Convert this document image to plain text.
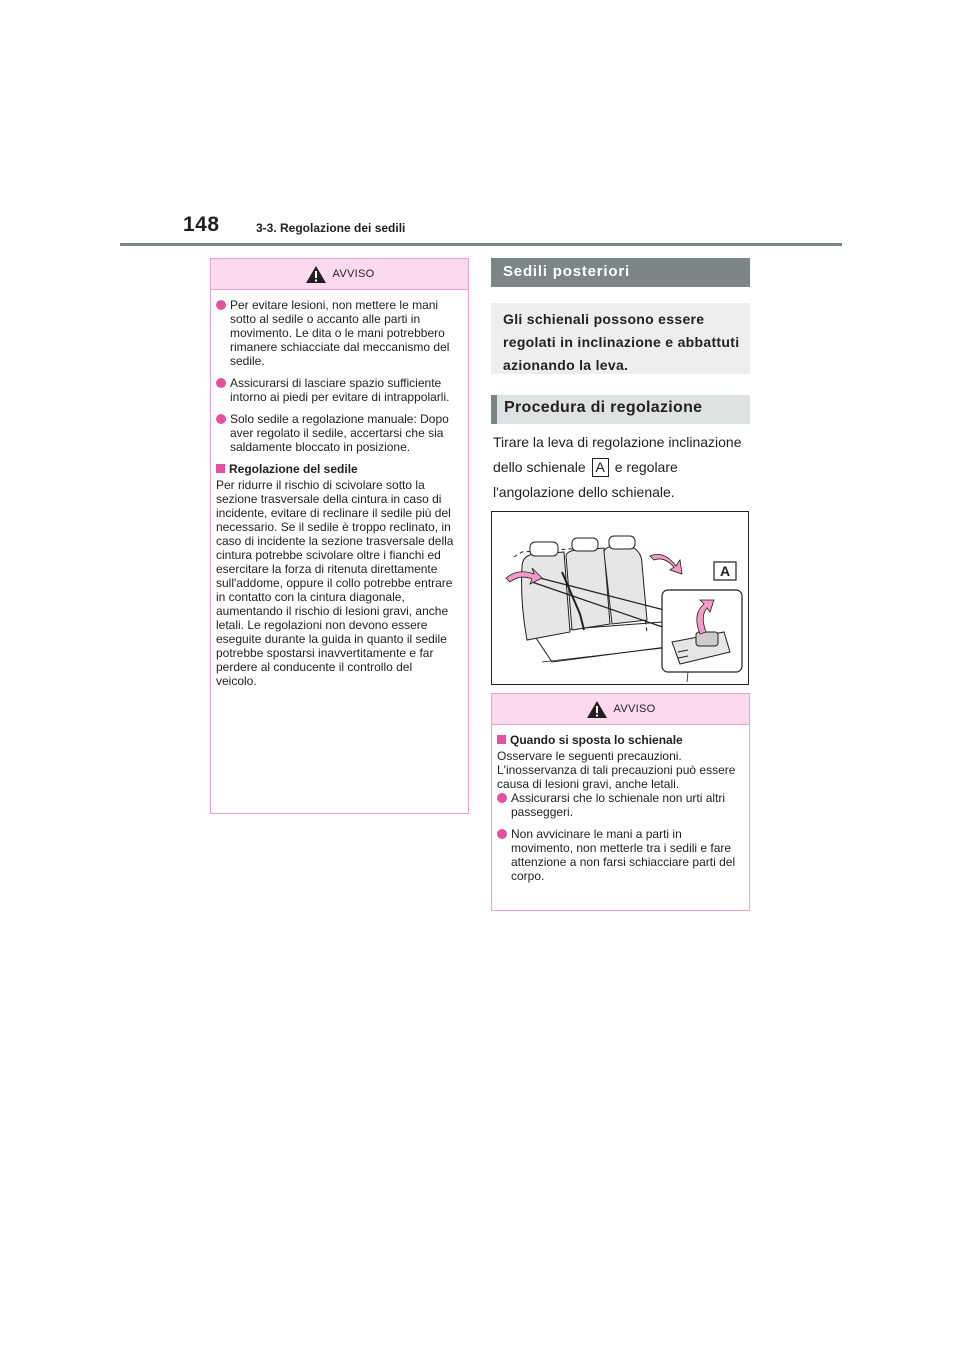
148	3-3. Regolazione dei sedili
AVVISO
Per evitare lesioni, non mettere le mani sotto al sedile o accanto alle parti in movimento. Le dita o le mani potrebbero rimanere schiacciate dal meccanismo del sedile.
Assicurarsi di lasciare spazio sufficiente intorno ai piedi per evitare di intrappolarli.
Solo sedile a regolazione manuale: Dopo aver regolato il sedile, accertarsi che sia saldamente bloccato in posizione.
Regolazione del sedile

Per ridurre il rischio di scivolare sotto la sezione trasversale della cintura in caso di incidente, evitare di reclinare il sedile più del necessario. Se il sedile è troppo reclinato, in caso di incidente la sezione trasversale della cintura potrebbe scivolare oltre i fianchi ed esercitare la forza di ritenuta direttamente sull'addome, oppure il collo potrebbe entrare in contatto con la cintura diagonale, aumentando il rischio di lesioni gravi, anche letali. Le regolazioni non devono essere eseguite durante la guida in quanto il sedile potrebbe spostarsi inavvertitamente e far perdere al conducente il controllo del veicolo.

Sedili posteriori
Gli schienali possono essere regolati in inclinazione e abbattuti azionando la leva.
Procedura di regolazione
Tirare la leva di regolazione inclinazione dello schienale A e regolare l'angolazione dello schienale.
A
AVVISO
Quando si sposta lo schienale

Osservare le seguenti precauzioni. L'inosservanza di tali precauzioni può essere causa di lesioni gravi, anche letali.

Assicurarsi che lo schienale non urti altri passeggeri.
Non avvicinare le mani a parti in movimento, non metterle tra i sedili e fare attenzione a non farsi schiacciare parti del corpo.
